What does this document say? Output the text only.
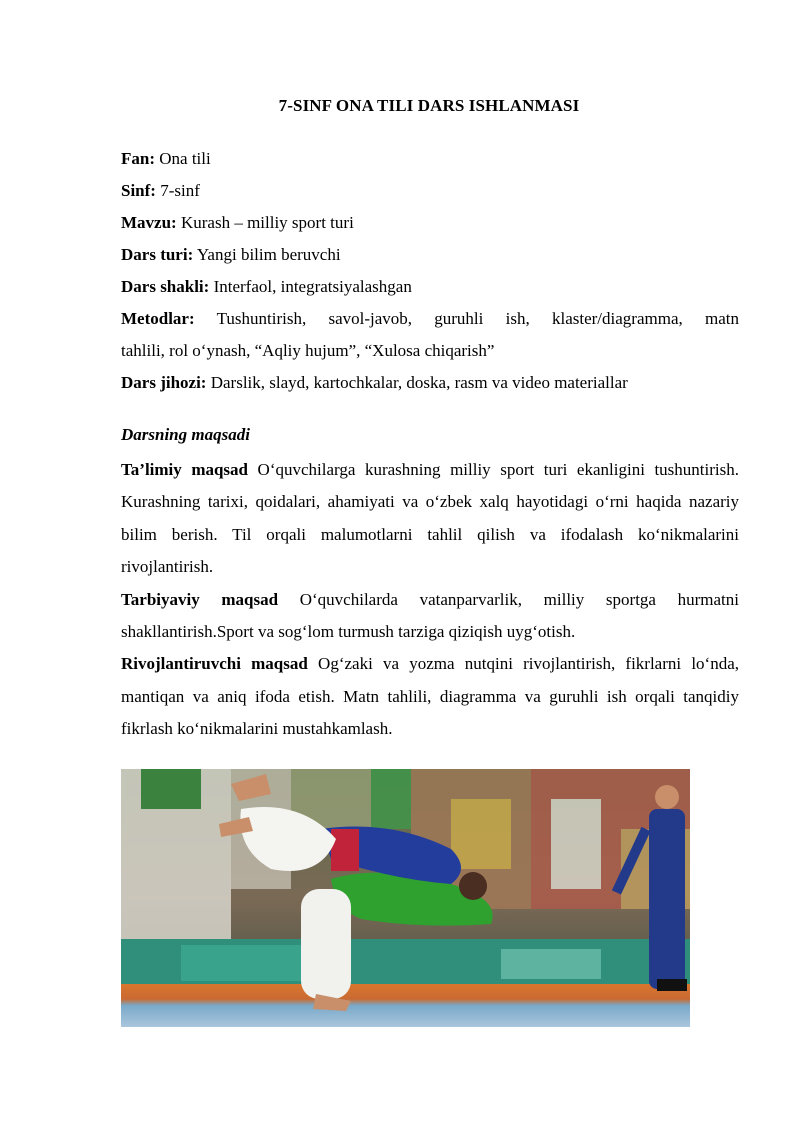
7-SINF ONA TILI DARS ISHLANMASI

Fan: Ona tili

Sinf: 7-sinf

Mavzu: Kurash – milliy sport turi

Dars turi: Yangi bilim beruvchi

Dars shakli: Interfaol, integratsiyalashgan

Metodlar: Tushuntirish, savol-javob, guruhli ish, klaster/diagramma, matn

tahlili, rol o‘ynash, “Aqliy hujum”, “Xulosa chiqarish”

Dars jihozi: Darslik, slayd, kartochkalar, doska, rasm va video materiallar

Darsning maqsadi

Ta’limiy maqsad O‘quvchilarga kurashning milliy sport turi ekanligini tushuntirish. Kurashning tarixi, qoidalari, ahamiyati va o‘zbek xalq hayotidagi o‘rni haqida nazariy bilim berish. Til orqali malumotlarni tahlil qilish va ifodalash ko‘nikmalarini rivojlantirish.

Tarbiyaviy maqsad O‘quvchilarda vatanparvarlik, milliy sportga hurmatni shakllantirish.Sport va sog‘lom turmush tarziga qiziqish uyg‘otish.

Rivojlantiruvchi maqsad Og‘zaki va yozma nutqini rivojlantirish, fikrlarni lo‘nda, mantiqan va aniq ifoda etish. Matn tahlili, diagramma va guruhli ish orqali tanqidiy fikrlash ko‘nikmalarini mustahkamlash.
